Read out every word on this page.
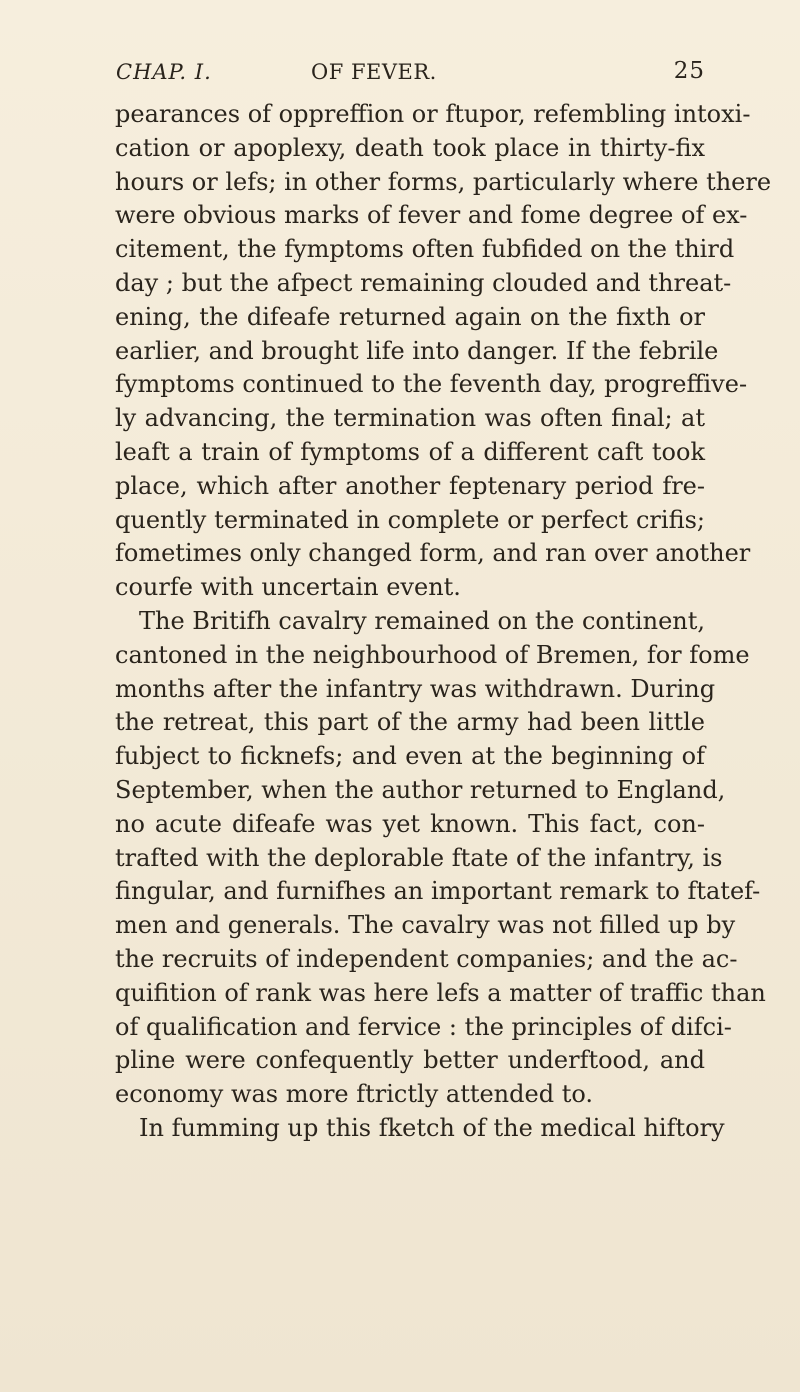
CHAP. I.	OF FEVER.	25
pearances of oppreffion or ftupor, refembling intoxi-
cation or apoplexy, death took place in thirty-fix
hours or lefs; in other forms, particularly where there
were obvious marks of fever and fome degree of ex-
citement, the fymptoms often fubfided on the third
day ; but the afpect remaining clouded and threat-
ening, the difeafe returned again on the fixth or
earlier, and brought life into danger. If the febrile
fymptoms continued to the feventh day, progreffive-
ly advancing, the termination was often final; at
leaft a train of fymptoms of a different caft took
place, which after another feptenary period fre-
quently terminated in complete or perfect crifis;
fometimes only changed form, and ran over another
courfe with uncertain event.
The Britifh cavalry remained on the continent,
cantoned in the neighbourhood of Bremen, for fome
months after the infantry was withdrawn. During
the retreat, this part of the army had been little
fubject to ficknefs; and even at the beginning of
September, when the author returned to England,
no acute difeafe was yet known. This fact, con-
trafted with the deplorable ftate of the infantry, is
fingular, and furnifhes an important remark to ftatef-
men and generals. The cavalry was not filled up by
the recruits of independent companies; and the ac-
quifition of rank was here lefs a matter of traffic than
of qualification and fervice : the principles of difci-
pline were confequently better underftood, and
economy was more ftrictly attended to.
In fumming up this fketch of the medical hiftory
